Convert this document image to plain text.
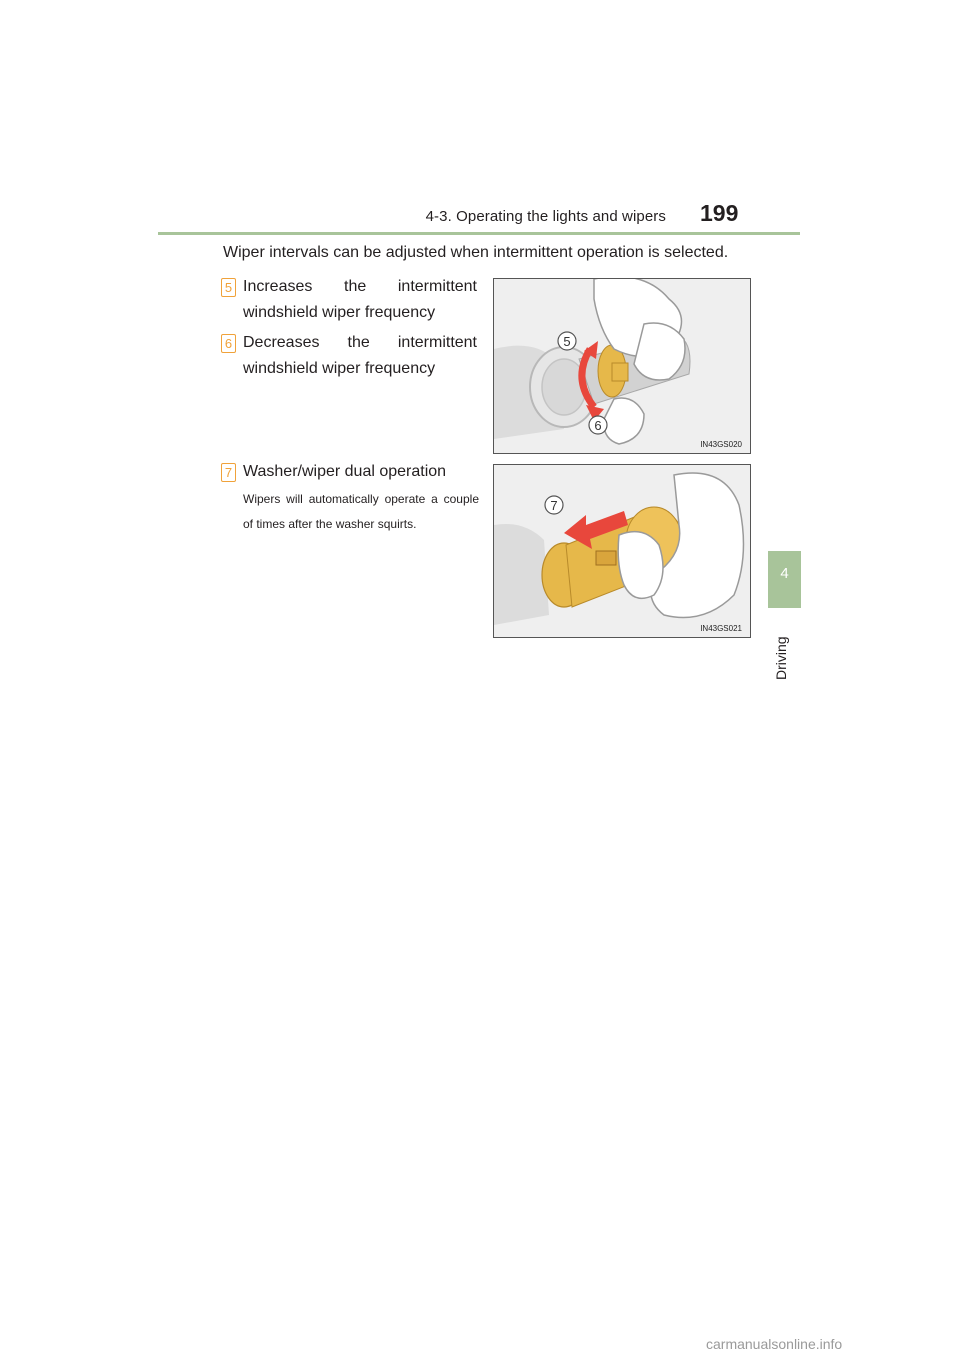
4-3. Operating the lights and wipers 199
4
Driving
Wiper intervals can be adjusted when intermittent operation is selected.
5 Increases the intermittent windshield wiper frequency
6 Decreases the intermittent windshield wiper frequency
7 Washer/wiper dual operation
Wipers will automatically operate a couple of times after the washer squirts.
5
6
IN43GS020
7
IN43GS021
carmanualsonline.info
